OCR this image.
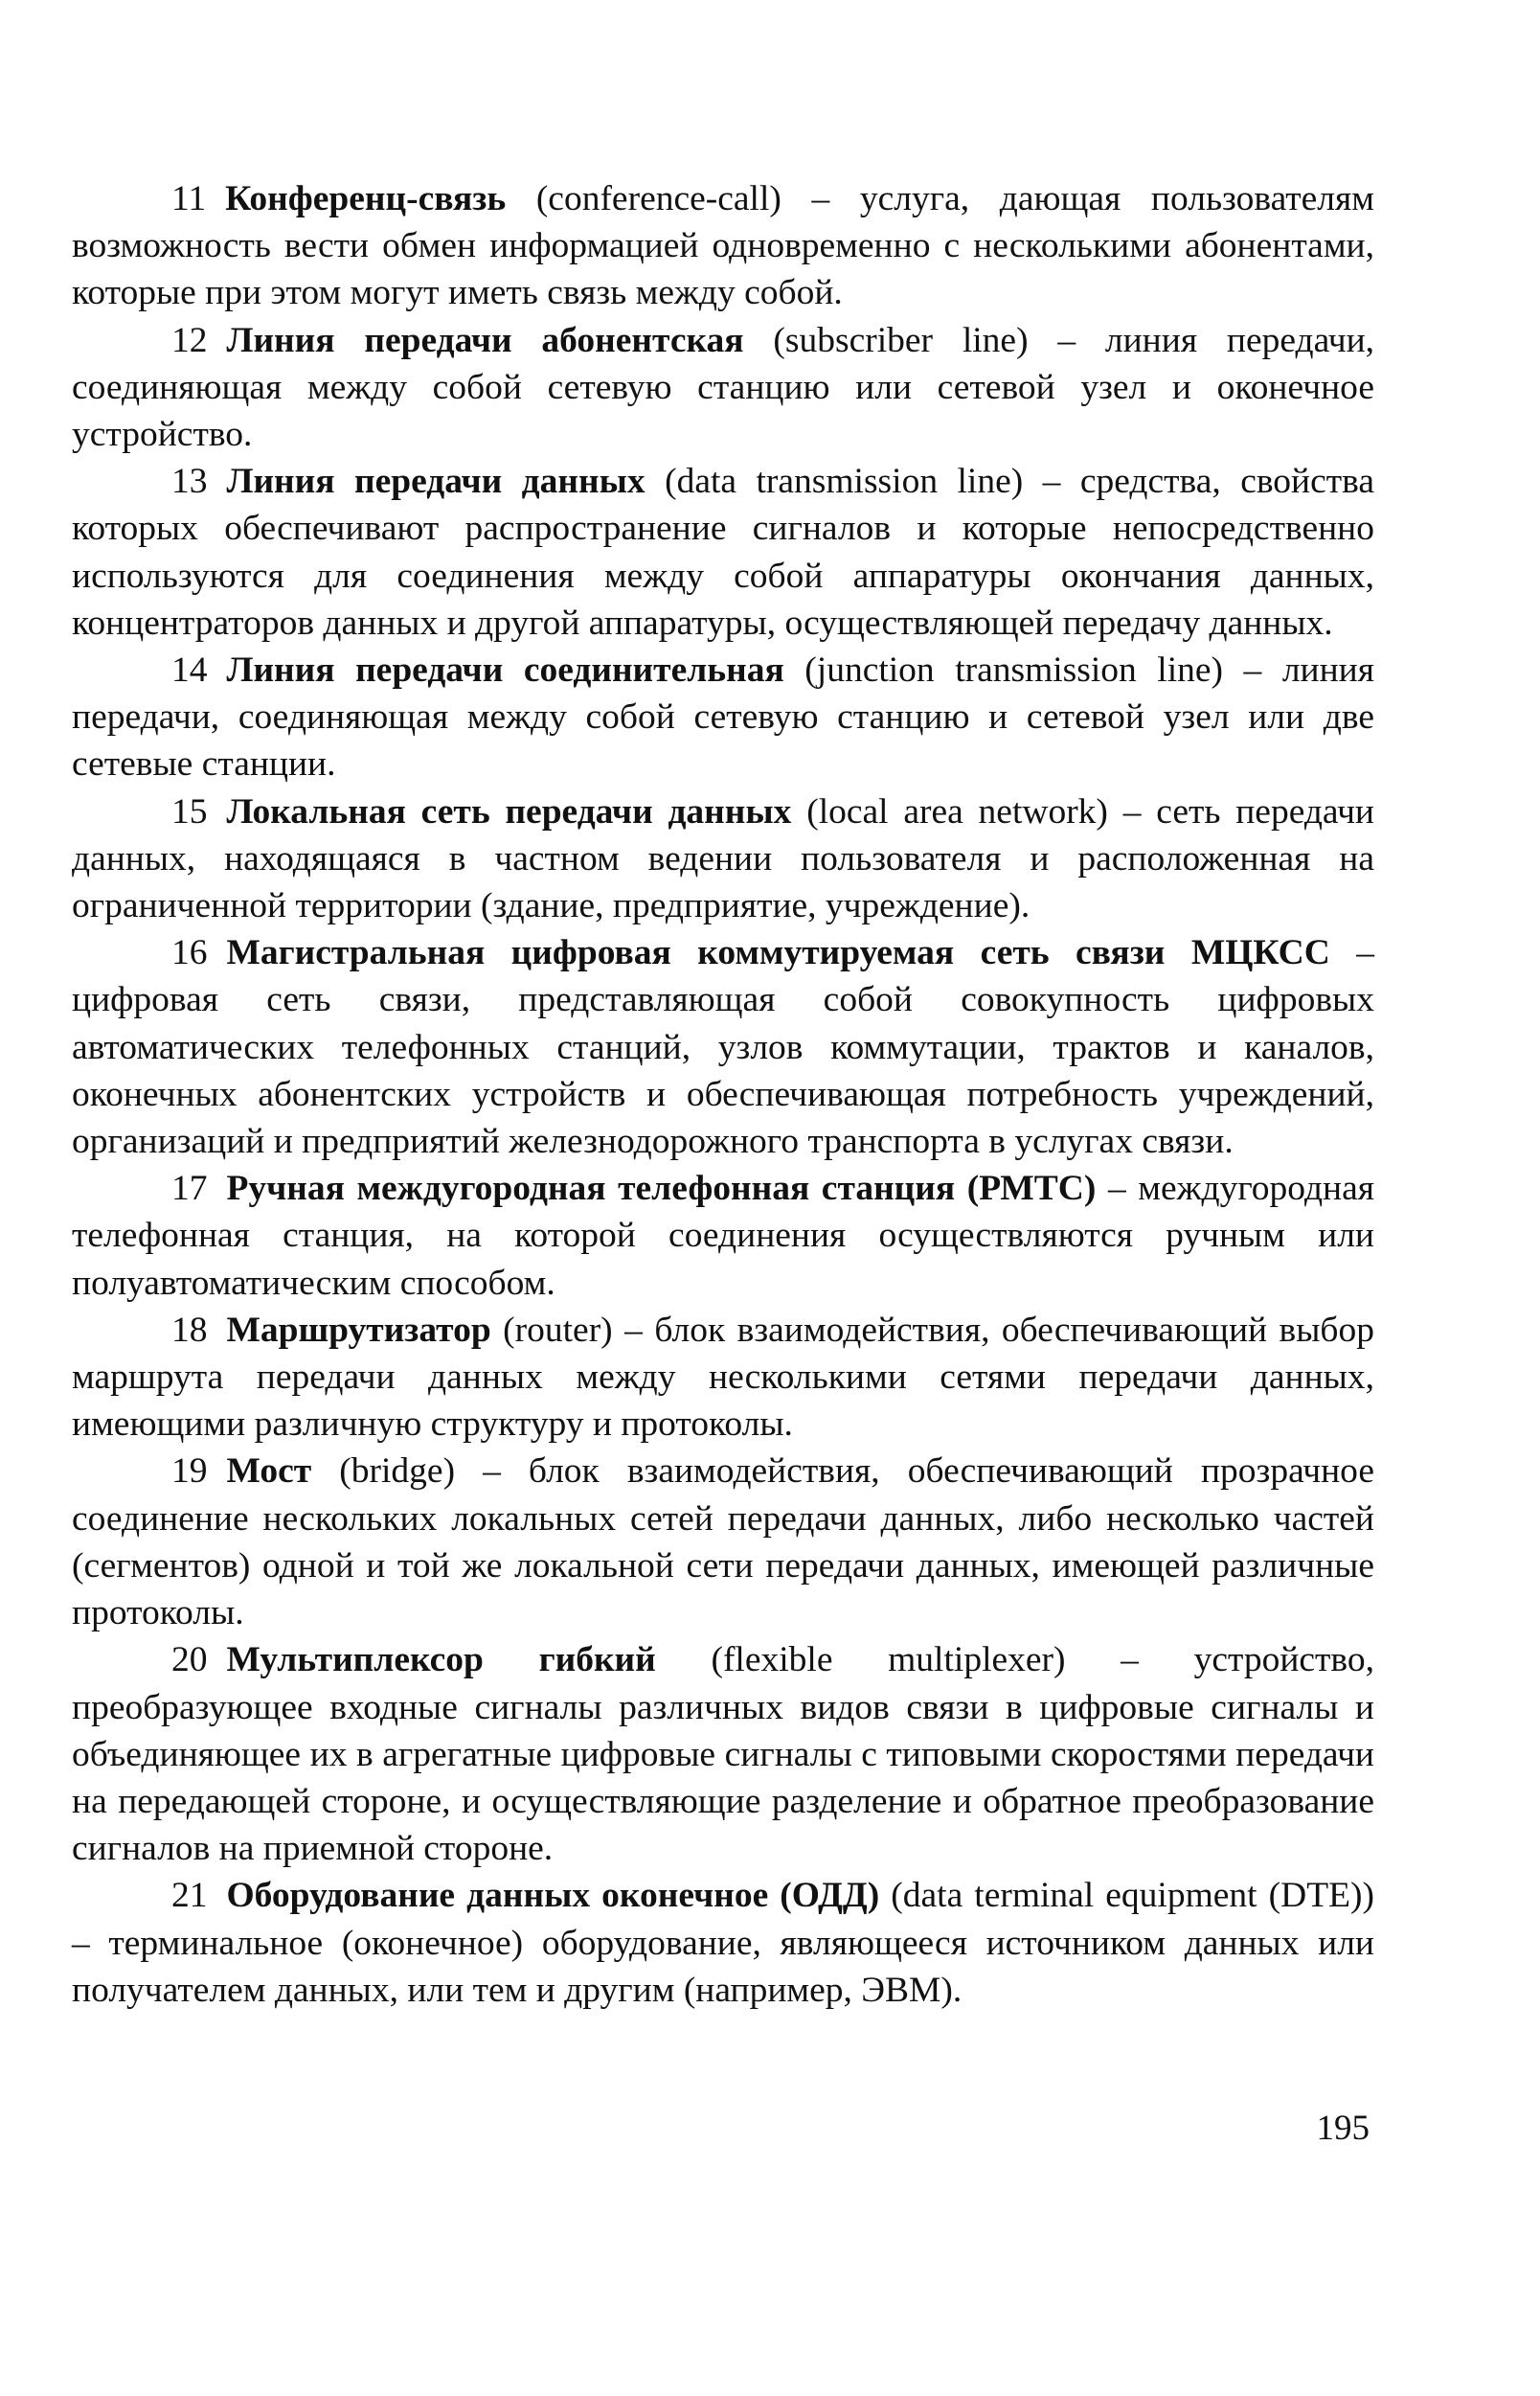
11 Конференц-связь (conference-call) – услуга, дающая пользователям возможность вести обмен информацией одновременно с несколькими абонентами, которые при этом могут иметь связь между собой.

12 Линия передачи абонентская (subscriber line) – линия передачи, соединяющая между собой сетевую станцию или сетевой узел и оконечное устройство.

13 Линия передачи данных (data transmission line) – средства, свойства которых обеспечивают распространение сигналов и которые непосредственно используются для соединения между собой аппаратуры окончания данных, концентраторов данных и другой аппаратуры, осуществляющей передачу данных.

14 Линия передачи соединительная (junction transmission line) – линия передачи, соединяющая между собой сетевую станцию и сетевой узел или две сетевые станции.

15 Локальная сеть передачи данных (local area network) – сеть передачи данных, находящаяся в частном ведении пользователя и расположенная на ограниченной территории (здание, предприятие, учреждение).

16 Магистральная цифровая коммутируемая сеть связи МЦКСС – цифровая сеть связи, представляющая собой совокупность цифровых автоматических телефонных станций, узлов коммутации, трактов и каналов, оконечных абонентских устройств и обеспечивающая потребность учреждений, организаций и предприятий железнодорожного транспорта в услугах связи.

17 Ручная междугородная телефонная станция (РМТС) – междугородная телефонная станция, на которой соединения осуществляются ручным или полуавтоматическим способом.

18 Маршрутизатор (router) – блок взаимодействия, обеспечивающий выбор маршрута передачи данных между несколькими сетями передачи данных, имеющими различную структуру и протоколы.

19 Мост (bridge) – блок взаимодействия, обеспечивающий прозрачное соединение нескольких локальных сетей передачи данных, либо несколько частей (сегментов) одной и той же локальной сети передачи данных, имеющей различные протоколы.

20 Мультиплексор гибкий (flexible multiplexer) – устройство, преобразующее входные сигналы различных видов связи в цифровые сигналы и объединяющее их в агрегатные цифровые сигналы с типовыми скоростями передачи на передающей стороне, и осуществляющие разделение и обратное преобразование сигналов на приемной стороне.

21 Оборудование данных оконечное (ОДД) (data terminal equipment (DTE)) – терминальное (оконечное) оборудование, являющееся источником данных или получателем данных, или тем и другим (например, ЭВМ).

195
